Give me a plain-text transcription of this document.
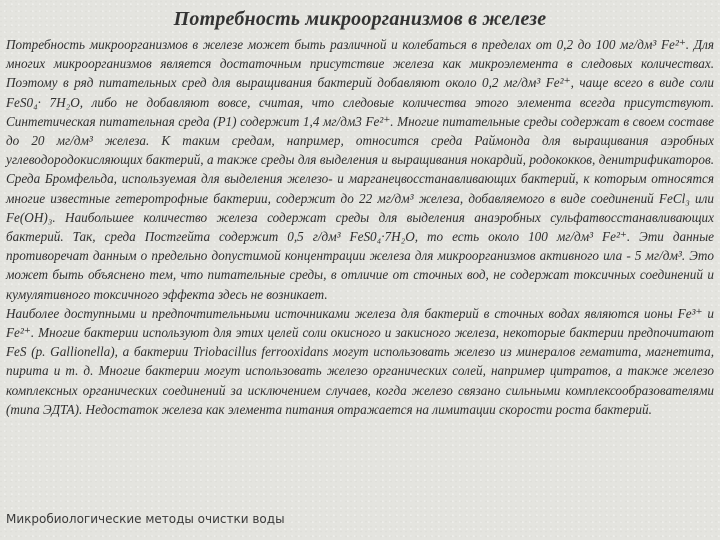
Потребность микроорганизмов в железе

Потребность микроорганизмов в железе может быть различной и колебаться в пределах от 0,2 до 100 мг/дм³ Fe²⁺. Для многих микроорганизмов является достаточным присутствие железа как микроэлемента в следовых количествах. Поэтому в ряд питательных сред для выращивания бактерий добавляют около 0,2 мг/дм³ Fe²⁺, чаще всего в виде соли FeS0₄· 7H₂O, либо не добавляют вовсе, считая, что следовые количества этого элемента всегда присутствуют. Синтетическая питательная среда (Р1) содержит 1,4 мг/дм3 Fe²⁺. Многие питательные среды содержат в своем составе до 20 мг/дм³ железа. К таким средам, например, относится среда Раймонда для выращивания аэробных углеводородокисляющих бактерий, а также среды для выделения и выращивания нокардий, родококков, денитрификаторов. Среда Бромфельда, используемая для выделения железо- и марганецвосстанавливающих бактерий, к которым относятся многие известные гетеротрофные бактерии, содержит до 22 мг/дм³ железа, добавляемого в виде соединений FeCl₃ или Fe(OH)₃. Наибольшее количество железа содержат среды для выделения анаэробных сульфатвосстанавливающих бактерий. Так, среда Постгейта содержит 0,5 г/дм³ FeS0₄·7H₂O, то есть около 100 мг/дм³ Fe²⁺. Эти данные противоречат данным о предельно допустимой концентрации железа для микроорганизмов активного ила - 5 мг/дм³. Это может быть объяснено тем, что питательные среды, в отличие от сточных вод, не содержат токсичных соединений и кумулятивного токсичного эффекта здесь не возникает.

Наиболее доступными и предпочтительными источниками железа для бактерий в сточных водах являются ионы Fe³⁺ и Fe²⁺. Многие бактерии используют для этих целей соли окисного и закисного железа, некоторые бактерии предпочитают FeS (р. Gallionella), а бактерии Triobacillus ferrooxidans могут использовать железо из минералов гематита, магнетита, пирита и т. д. Многие бактерии могут использовать железо органических солей, например цитратов, а также железо комплексных органических соединений за исключением случаев, когда железо связано сильными комплексообразователями (типа ЭДТА). Недостаток железа как элемента питания отражается на лимитации скорости роста бактерий.

Микробиологические методы очистки воды
